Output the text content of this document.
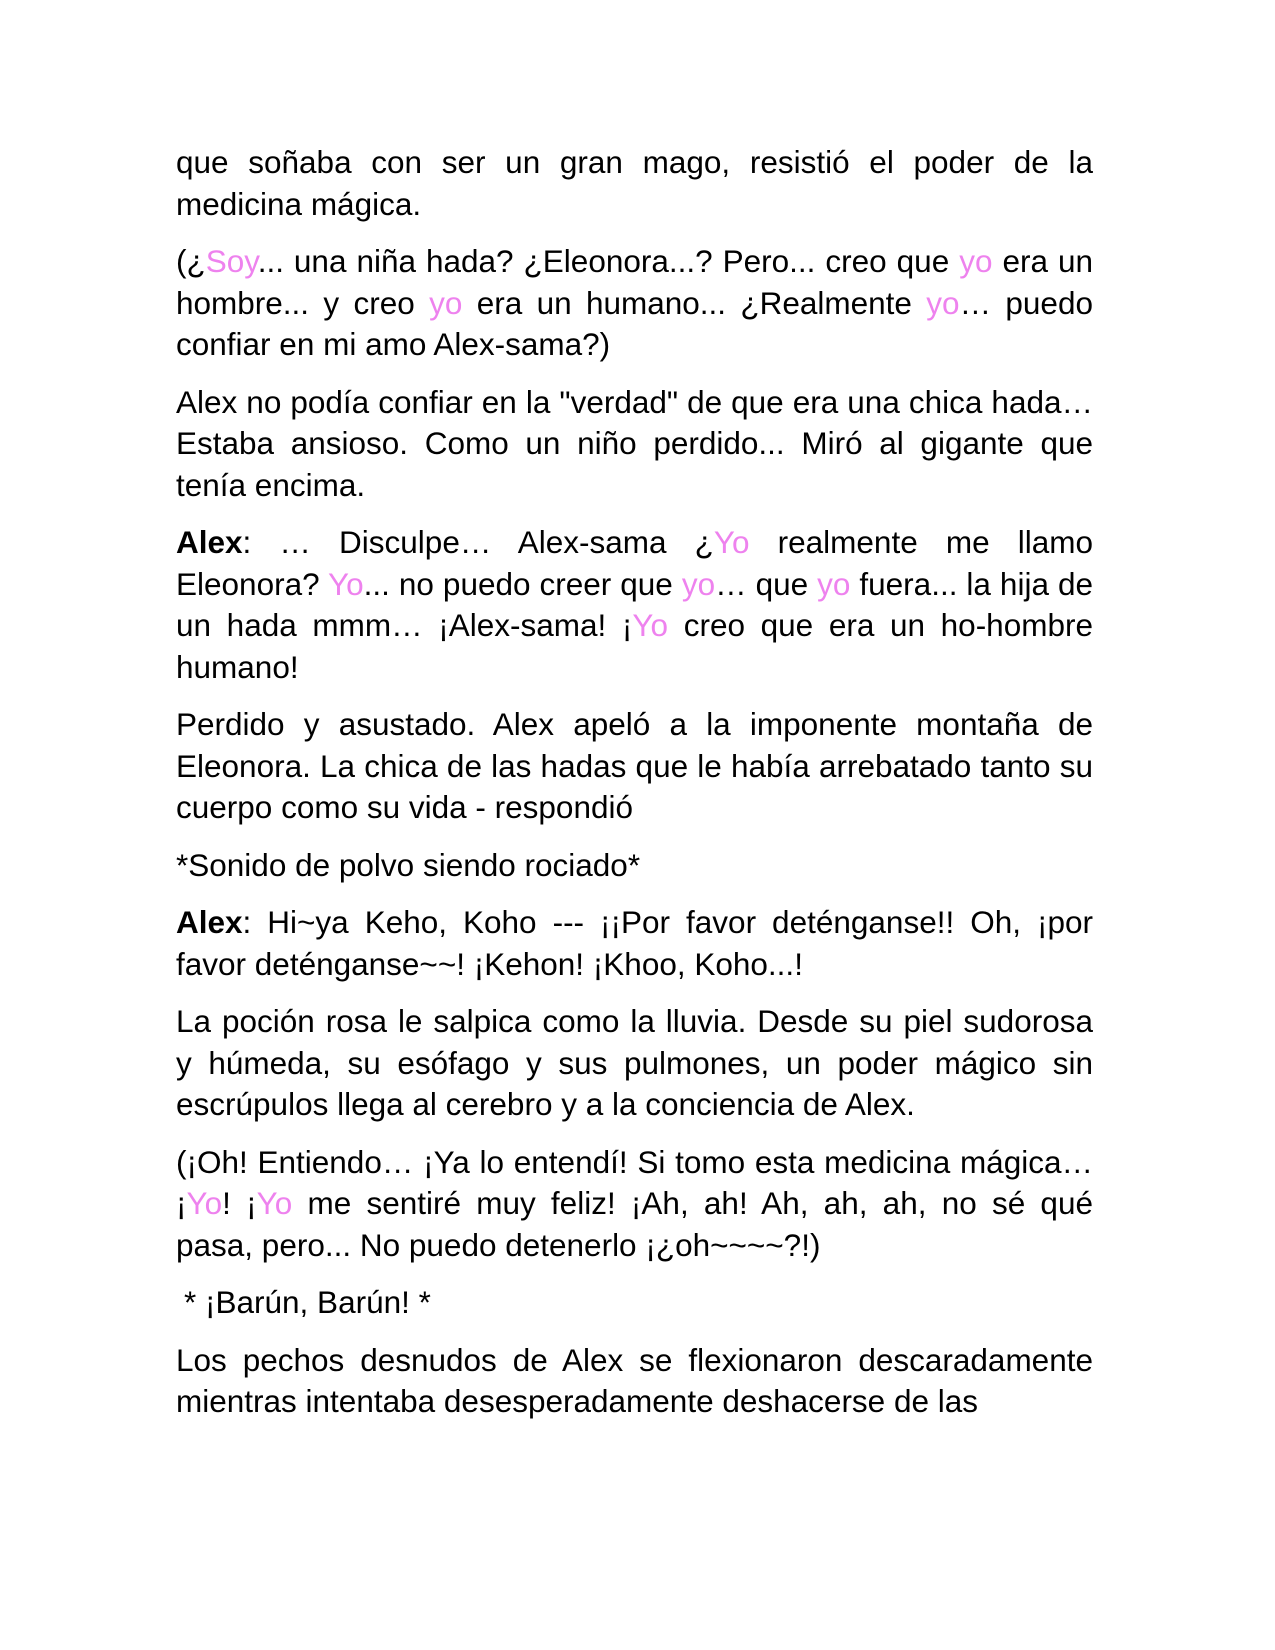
que soñaba con ser un gran mago, resistió el poder de la medicina mágica.

(¿Soy... una niña hada? ¿Eleonora...? Pero... creo que yo era un hombre... y creo yo era un humano... ¿Realmente yo… puedo confiar en mi amo Alex-sama?)

Alex no podía confiar en la "verdad" de que era una chica hada… Estaba ansioso. Como un niño perdido... Miró al gigante que tenía encima.

Alex: … Disculpe… Alex-sama ¿Yo realmente me llamo Eleonora? Yo... no puedo creer que yo… que yo fuera... la hija de un hada mmm… ¡Alex-sama! ¡Yo creo que era un ho-hombre humano!

Perdido y asustado. Alex apeló a la imponente montaña de Eleonora. La chica de las hadas que le había arrebatado tanto su cuerpo como su vida - respondió

*Sonido de polvo siendo rociado*

Alex: Hi~ya Keho, Koho --- ¡¡Por favor deténganse!! Oh, ¡por favor deténganse~~! ¡Kehon! ¡Khoo, Koho...!

La poción rosa le salpica como la lluvia. Desde su piel sudorosa y húmeda, su esófago y sus pulmones, un poder mágico sin escrúpulos llega al cerebro y a la conciencia de Alex.

(¡Oh! Entiendo… ¡Ya lo entendí! Si tomo esta medicina mágica… ¡Yo! ¡Yo me sentiré muy feliz! ¡Ah, ah! Ah, ah, ah, no sé qué pasa, pero... No puedo detenerlo ¡¿oh~~~~?!)

* ¡Barún, Barún! *

Los pechos desnudos de Alex se flexionaron descaradamente mientras intentaba desesperadamente deshacerse de las
